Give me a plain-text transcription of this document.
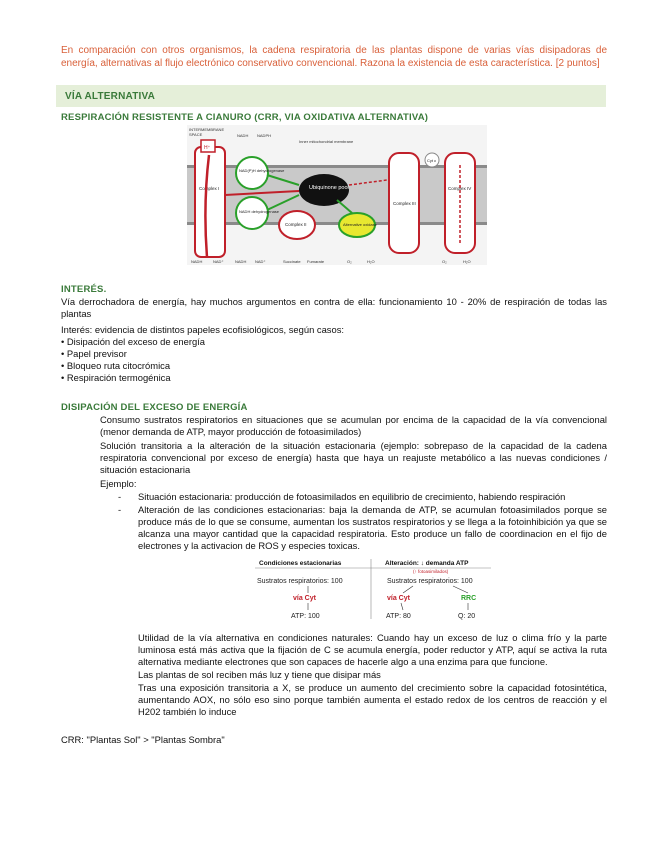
En comparación con otros organismos, la cadena respiratoria de las plantas dispone de varias vías disipadoras de energía, alternativas al flujo electrónico conservativo convencional. Razona la existencia de esta característica. [2 puntos]
VÍA ALTERNATIVA
RESPIRACIÓN RESISTENTE A CIANURO (CRR, VIA OXIDATIVA ALTERNATIVA)
INTERMEMBRANE
SPACE
H⁺
Complex I
NADH NADPH
NAD(P)H dehydrogenase
NADH dehydrogenase
Inner mitochondrial membrane
Ubiquinone pool
Complex II	Alternative oxidase
Complex III
Cyt c
Complex IV
NADH	NAD⁺	NADH NAD⁺	Succinate Fumarate	O₂	H₂O	O₂	H₂O
INTERÉS.
Vía derrochadora de energía, hay muchos argumentos en contra de ella: funcionamiento 10 - 20% de respiración de todas las plantas
Interés: evidencia de distintos papeles ecofisiológicos, según casos:
• Disipación del exceso de energía
• Papel previsor
• Bloqueo ruta citocrómica
• Respiración termogénica
DISIPACIÓN DEL EXCESO DE ENERGÍA
Consumo sustratos respiratorios en situaciones que se acumulan por encima de la capacidad de la vía convencional (menor demanda de ATP, mayor producción de fotoasimilados)
Solución transitoria a la alteración de la situación estacionaria (ejemplo: sobrepaso de la capacidad de la cadena respiratoria convencional por exceso de energía) hasta que haya un reajuste metabólico a las nuevas condiciones / situación estacionaria
Ejemplo:
- Situación estacionaria: producción de fotoasimilados en equilibrio de crecimiento, habiendo respiración
- Alteración de las condiciones estacionarias: baja la demanda de ATP, se acumulan fotoasimilados porque se produce más de lo que se consume, aumentan los sustratos respiratorios y se llega a la fotoinhibición ya que se alcanza una mayor cantidad que la capacidad respiratoria. Esto produce un fallo de coordinacion en el fijo de electrones y la activacion de ROS y especies toxicas.
Condiciones estacionarias	Alteración: ↓ demanda ATP
(↑ fotoasimilados)
Sustratos respiratorios: 100	Sustratos respiratorios: 100
vía Cyt	vía Cyt	RRC
ATP: 100	ATP: 80	Q: 20
Utilidad de la vía alternativa en condiciones naturales: Cuando hay un exceso de luz o clima frío y la parte luminosa está más activa que la fijación de C se acumula energía, poder reductor y ATP, aquí se activa la ruta alternativa mediante electrones que son capaces de hacerle algo a una enzima para que funcione.
Las plantas de sol reciben más luz y tiene que disipar más
Tras una exposición transitoria a X, se produce un aumento del crecimiento sobre la capacidad fotosintética, aumentando AOX, no sólo eso sino porque también aumenta el estado redox de los centros de reacción y el H202 también lo induce
CRR: "Plantas Sol" > "Plantas Sombra"
